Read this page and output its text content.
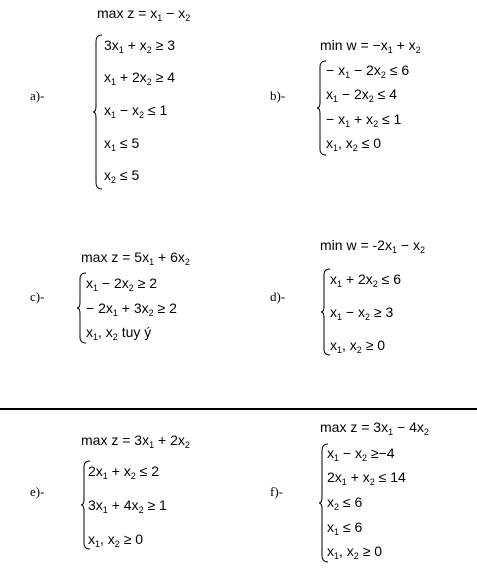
a)-
$\max z = x_1 - x_2$
$3x_1 + x_2 \ge 3$
$x_1 + 2x_2 \ge 4$
$x_1 - x_2 \le 1$
$x_1 \le 5$
$x_2 \le 5$
b)-
$\min w = -x_1 + x_2$
− $x_1 - 2x_2 \le 6$
$x_1 - 2x_2 \le 4$
− $x_1 + x_2 \le 1$
$x_1$, $x_2 \le 0$
c)-
$\max z = 5x_1 + 6x_2$
$x_1 - 2x_2 \ge 2$
− $2x_1 + 3x_2 \ge 2$
$x_1$, $x_2$ tuy ý
d)-
$\min w = -2x_1 - x_2$
$x_1 + 2x_2 \le 6$
$x_1 - x_2 \ge 3$
$x_1$, $x_2 \ge 0$
e)-
$\max z = 3x_1 + 2x_2$
$2x_1 + x_2 \le 2$
$3x_1 + 4x_2 \ge 1$
$x_1$, $x_2 \ge 0$
f)-
$\max z = 3x_1 - 4x_2$
$x_1 - x_2 \ge-4$
$2x_1 + x_2 \le 14$
$x_2 \le 6$
$x_1 \le 6$
$x_1$, $x_2 \ge 0$
